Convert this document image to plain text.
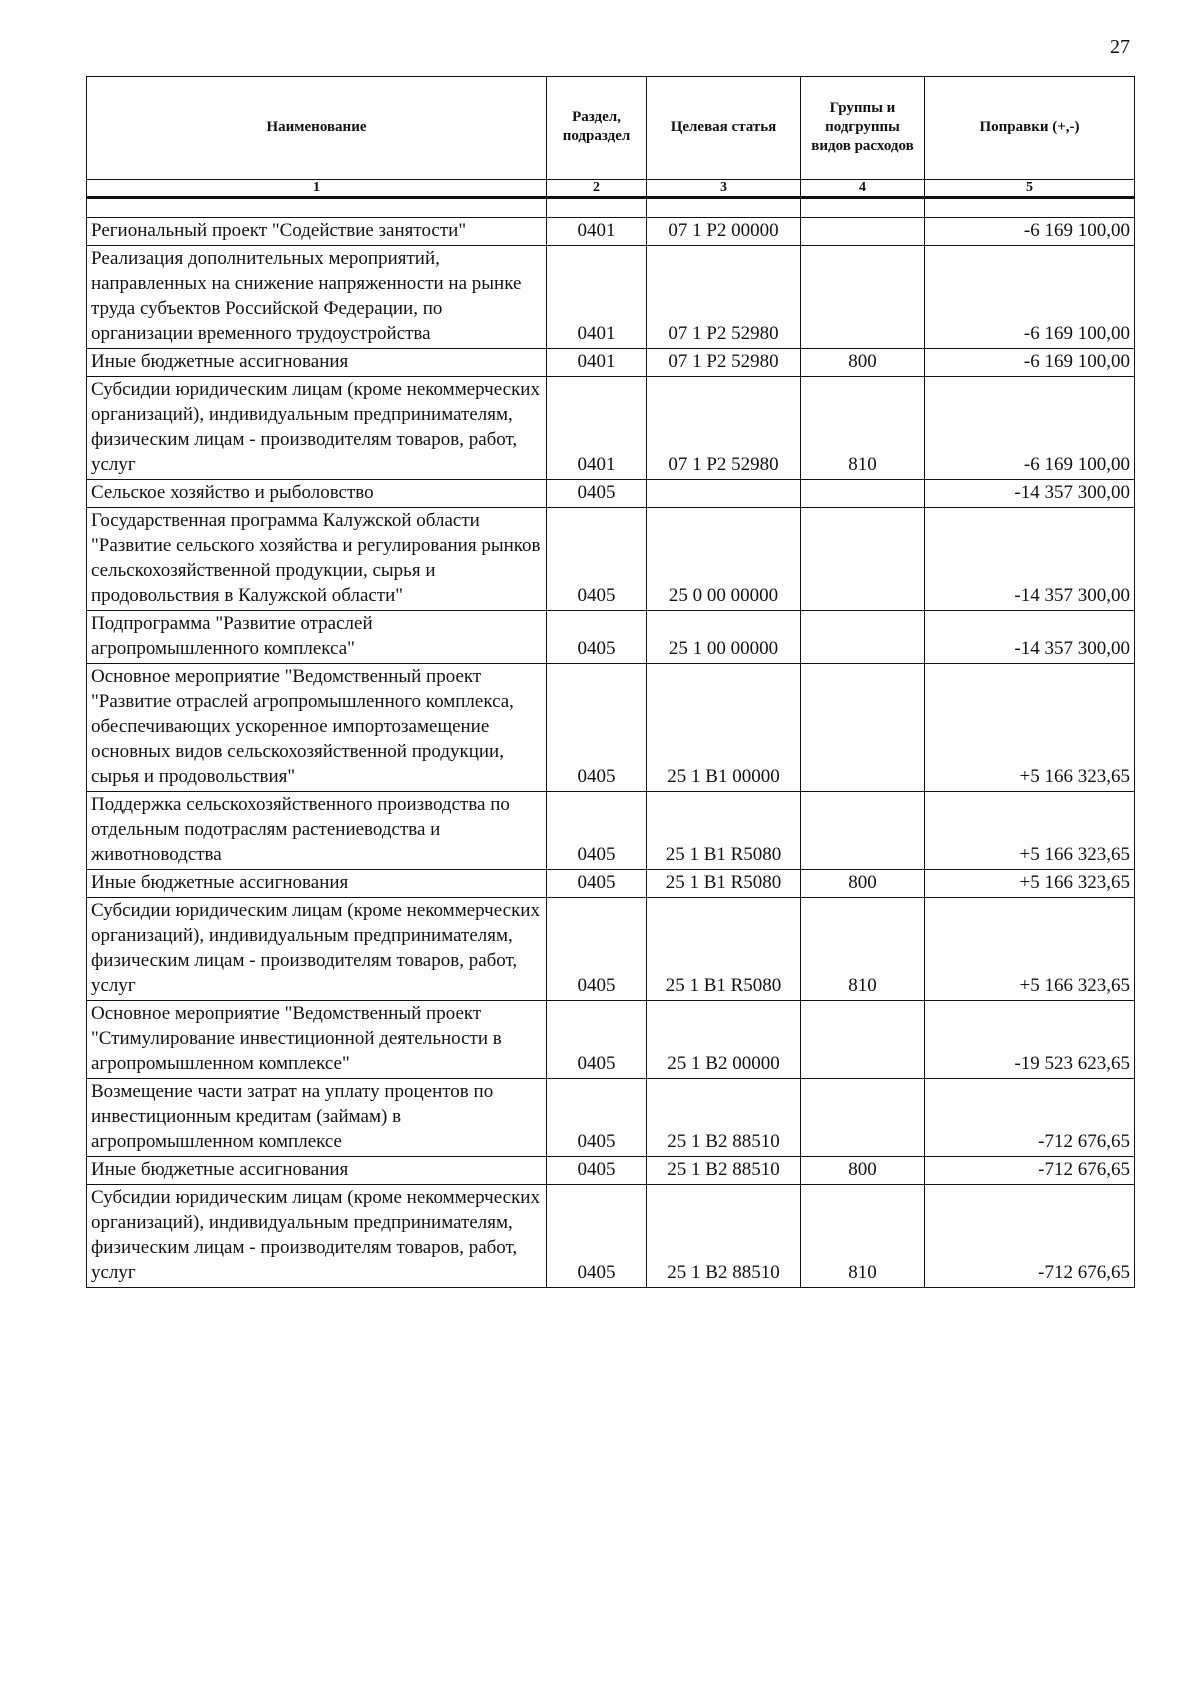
27
Наименование	Раздел, подраздел	Целевая статья	Группы и подгруппы видов расходов	Поправки (+,-)
1	2	3	4	5

Региональный проект "Содействие занятости"	0401	07 1 P2 00000		-6 169 100,00
Реализация дополнительных мероприятий, направленных на снижение напряженности на рынке труда субъектов Российской Федерации, по организации временного трудоустройства	0401	07 1 P2 52980		-6 169 100,00
Иные бюджетные ассигнования	0401	07 1 P2 52980	800	-6 169 100,00
Субсидии юридическим лицам (кроме некоммерческих организаций), индивидуальным предпринимателям, физическим лицам - производителям товаров, работ, услуг	0401	07 1 P2 52980	810	-6 169 100,00
Сельское хозяйство и рыболовство	0405			-14 357 300,00
Государственная программа Калужской области "Развитие сельского хозяйства и регулирования рынков сельскохозяйственной продукции, сырья и продовольствия в Калужской области"	0405	25 0 00 00000		-14 357 300,00
Подпрограмма "Развитие отраслей агропромышленного комплекса"	0405	25 1 00 00000		-14 357 300,00
Основное мероприятие "Ведомственный проект "Развитие отраслей агропромышленного комплекса, обеспечивающих ускоренное импортозамещение основных видов сельскохозяйственной продукции, сырья и продовольствия"	0405	25 1 B1 00000		+5 166 323,65
Поддержка сельскохозяйственного производства по отдельным подотраслям растениеводства и животноводства	0405	25 1 B1 R5080		+5 166 323,65
Иные бюджетные ассигнования	0405	25 1 B1 R5080	800	+5 166 323,65
Субсидии юридическим лицам (кроме некоммерческих организаций), индивидуальным предпринимателям, физическим лицам - производителям товаров, работ, услуг	0405	25 1 B1 R5080	810	+5 166 323,65
Основное мероприятие "Ведомственный проект "Стимулирование инвестиционной деятельности в агропромышленном комплексе"	0405	25 1 B2 00000		-19 523 623,65
Возмещение части затрат на уплату процентов по инвестиционным кредитам (займам) в агропромышленном комплексе	0405	25 1 B2 88510		-712 676,65
Иные бюджетные ассигнования	0405	25 1 B2 88510	800	-712 676,65
Субсидии юридическим лицам (кроме некоммерческих организаций), индивидуальным предпринимателям, физическим лицам - производителям товаров, работ, услуг	0405	25 1 B2 88510	810	-712 676,65
